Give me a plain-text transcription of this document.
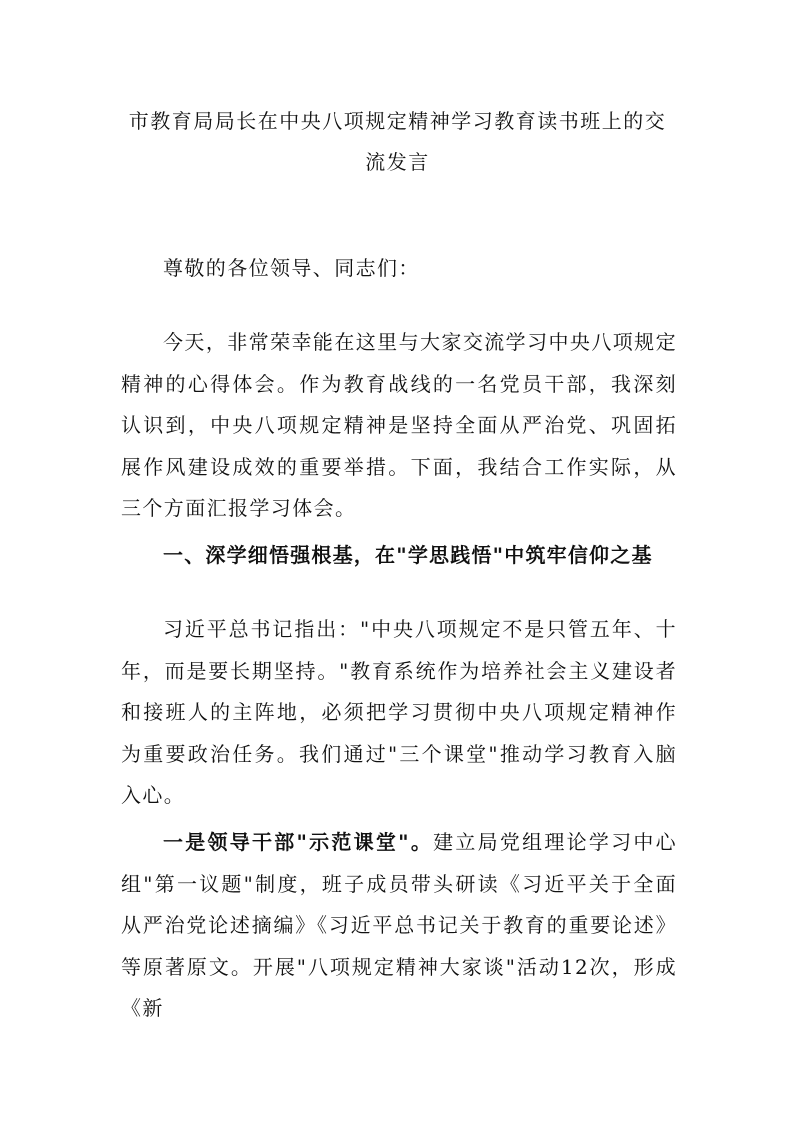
市教育局局长在中央八项规定精神学习教育读书班上的交
流发言

尊敬的各位领导、同志们：

今天，非常荣幸能在这里与大家交流学习中央八项规定精神的心得体会。作为教育战线的一名党员干部，我深刻认识到，中央八项规定精神是坚持全面从严治党、巩固拓展作风建设成效的重要举措。下面，我结合工作实际，从三个方面汇报学习体会。

一、深学细悟强根基，在"学思践悟"中筑牢信仰之基

习近平总书记指出："中央八项规定不是只管五年、十年，而是要长期坚持。"教育系统作为培养社会主义建设者和接班人的主阵地，必须把学习贯彻中央八项规定精神作为重要政治任务。我们通过"三个课堂"推动学习教育入脑入心。

一是领导干部"示范课堂"。建立局党组理论学习中心组"第一议题"制度，班子成员带头研读《习近平关于全面从严治党论述摘编》《习近平总书记关于教育的重要论述》等原著原文。开展"八项规定精神大家谈"活动12次，形成《新
